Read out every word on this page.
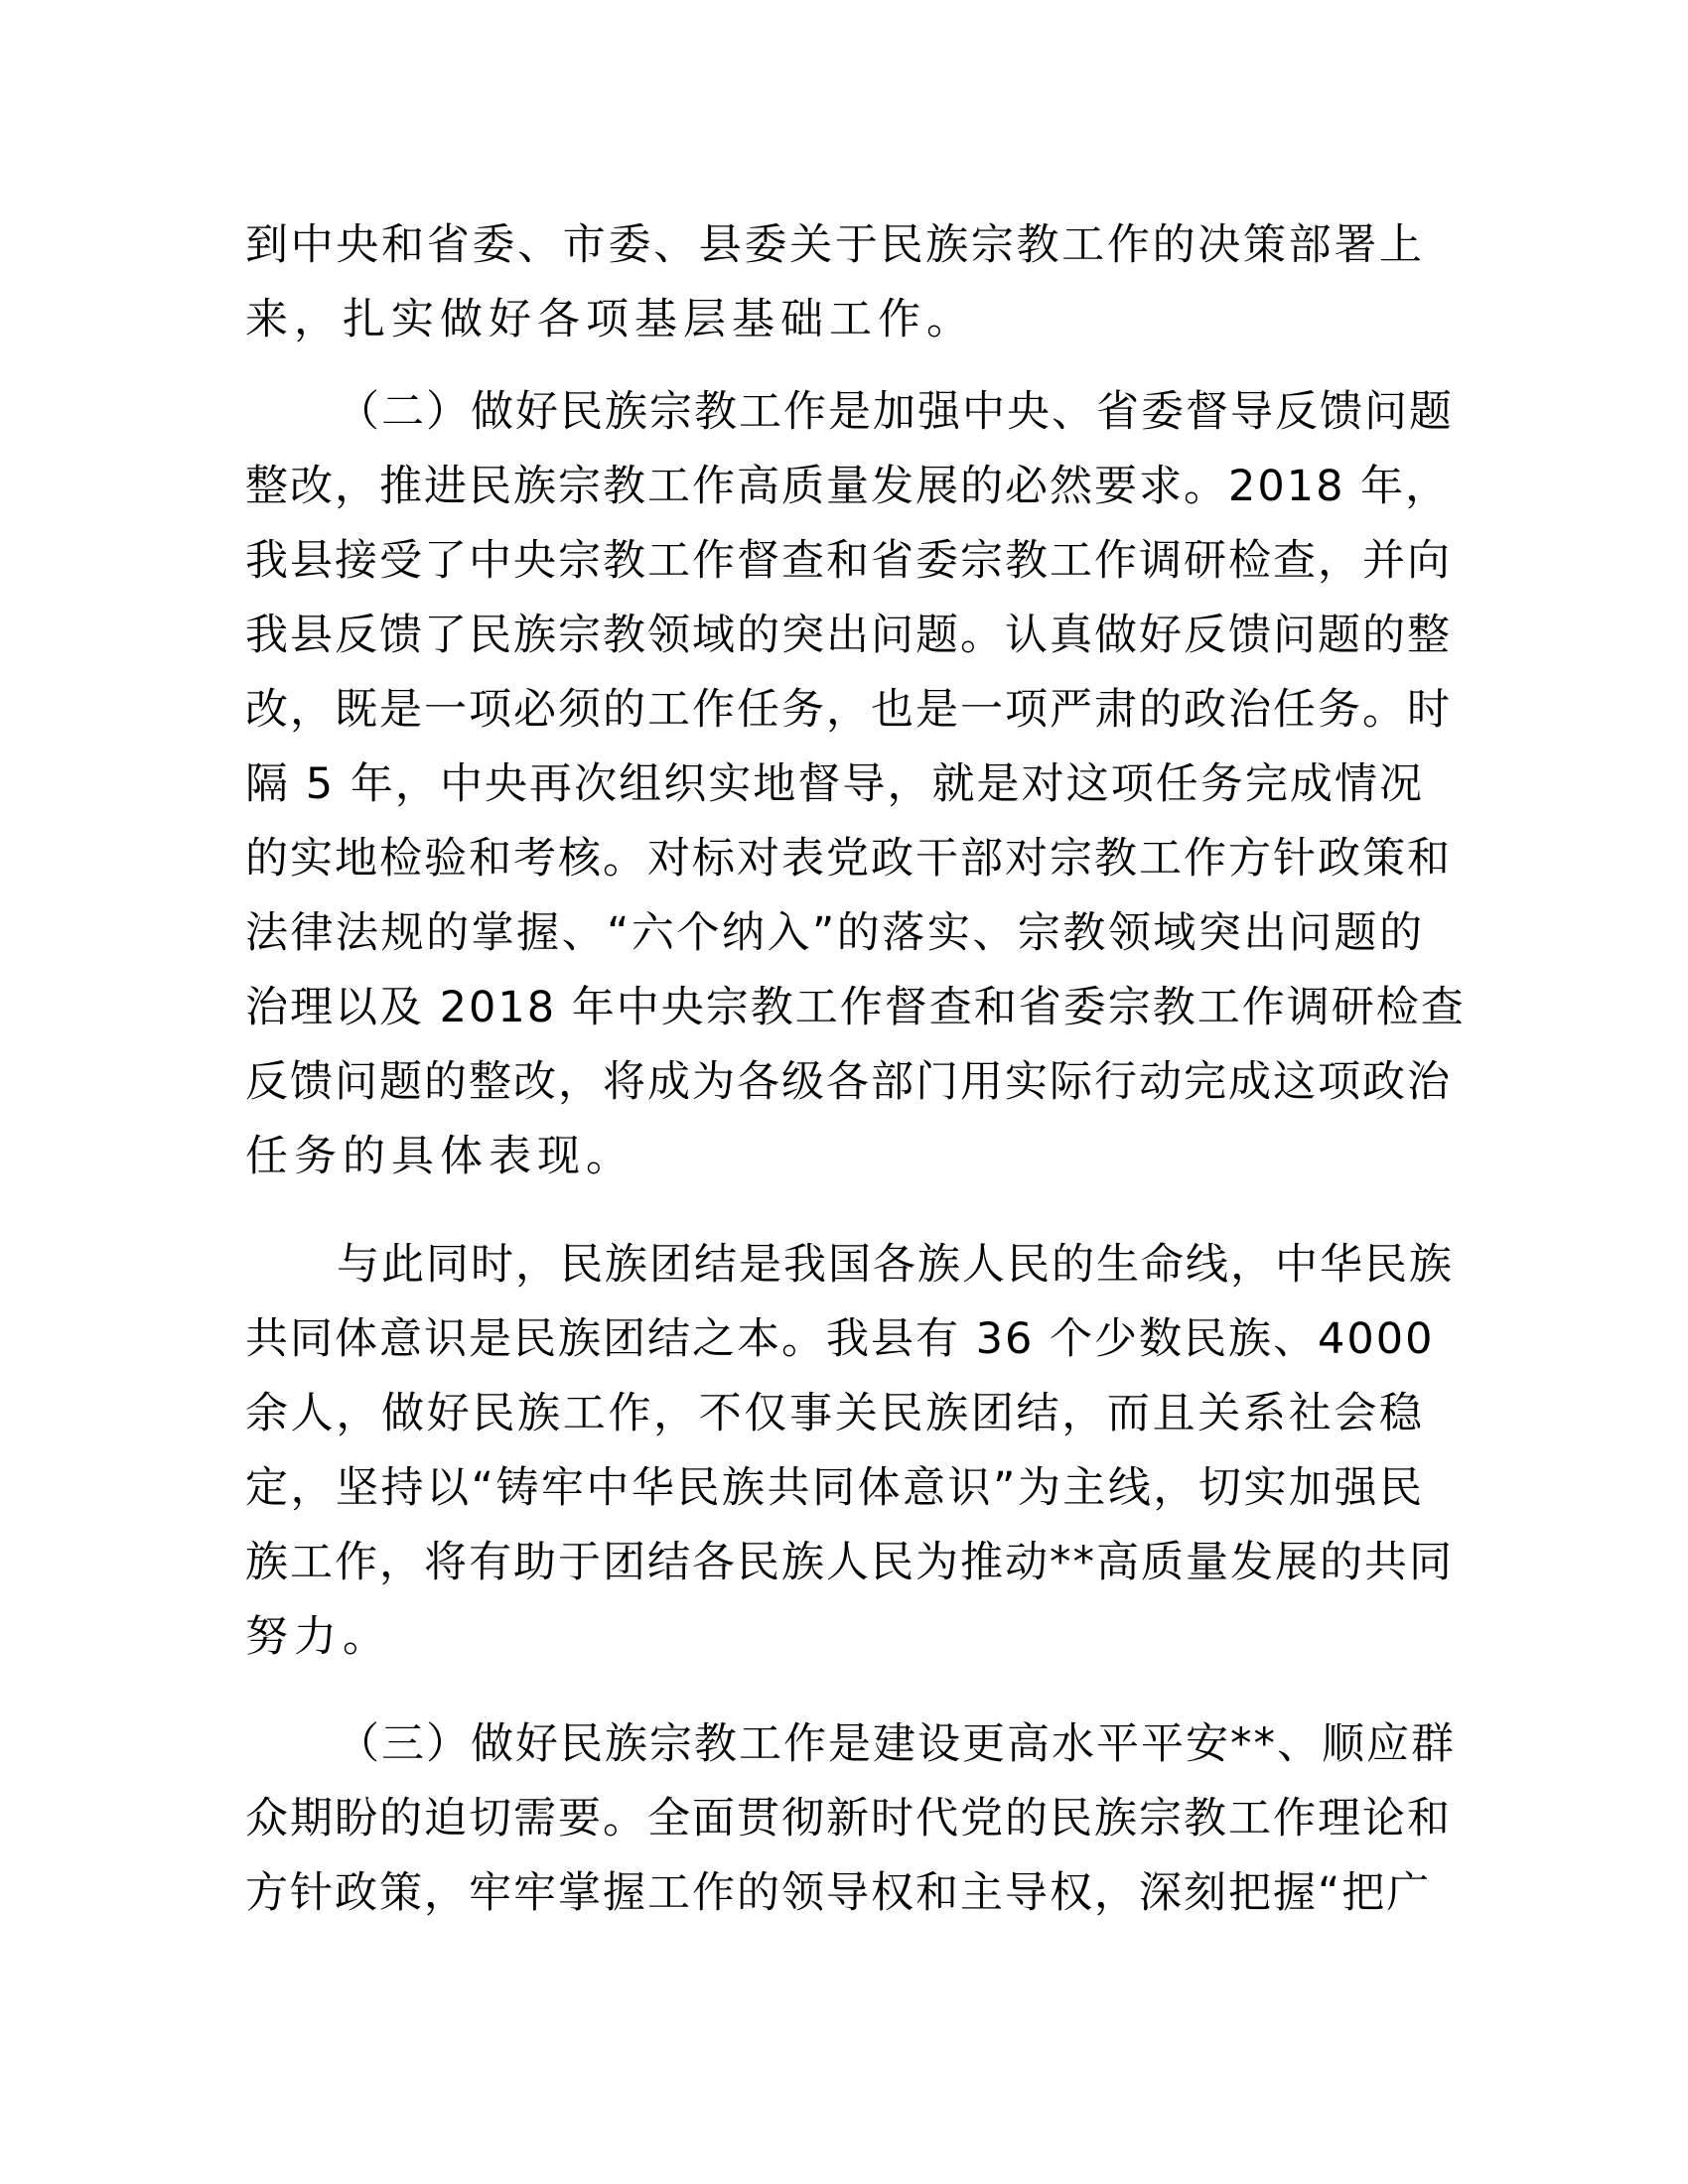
到中央和省委、市委、县委关于民族宗教工作的决策部署上
来，扎实做好各项基层基础工作。
（二）做好民族宗教工作是加强中央、省委督导反馈问题
整改，推进民族宗教工作高质量发展的必然要求。2018 年，
我县接受了中央宗教工作督查和省委宗教工作调研检查，并向
我县反馈了民族宗教领域的突出问题。认真做好反馈问题的整
改，既是一项必须的工作任务，也是一项严肃的政治任务。时
隔 5 年，中央再次组织实地督导，就是对这项任务完成情况
的实地检验和考核。对标对表党政干部对宗教工作方针政策和
法律法规的掌握、“六个纳入”的落实、宗教领域突出问题的
治理以及 2018 年中央宗教工作督查和省委宗教工作调研检查
反馈问题的整改，将成为各级各部门用实际行动完成这项政治
任务的具体表现。
与此同时，民族团结是我国各族人民的生命线，中华民族
共同体意识是民族团结之本。我县有 36 个少数民族、4000
余人，做好民族工作，不仅事关民族团结，而且关系社会稳
定，坚持以“铸牢中华民族共同体意识”为主线，切实加强民
族工作，将有助于团结各民族人民为推动**高质量发展的共同
努力。
（三）做好民族宗教工作是建设更高水平平安**、顺应群
众期盼的迫切需要。全面贯彻新时代党的民族宗教工作理论和
方针政策，牢牢掌握工作的领导权和主导权，深刻把握“把广
